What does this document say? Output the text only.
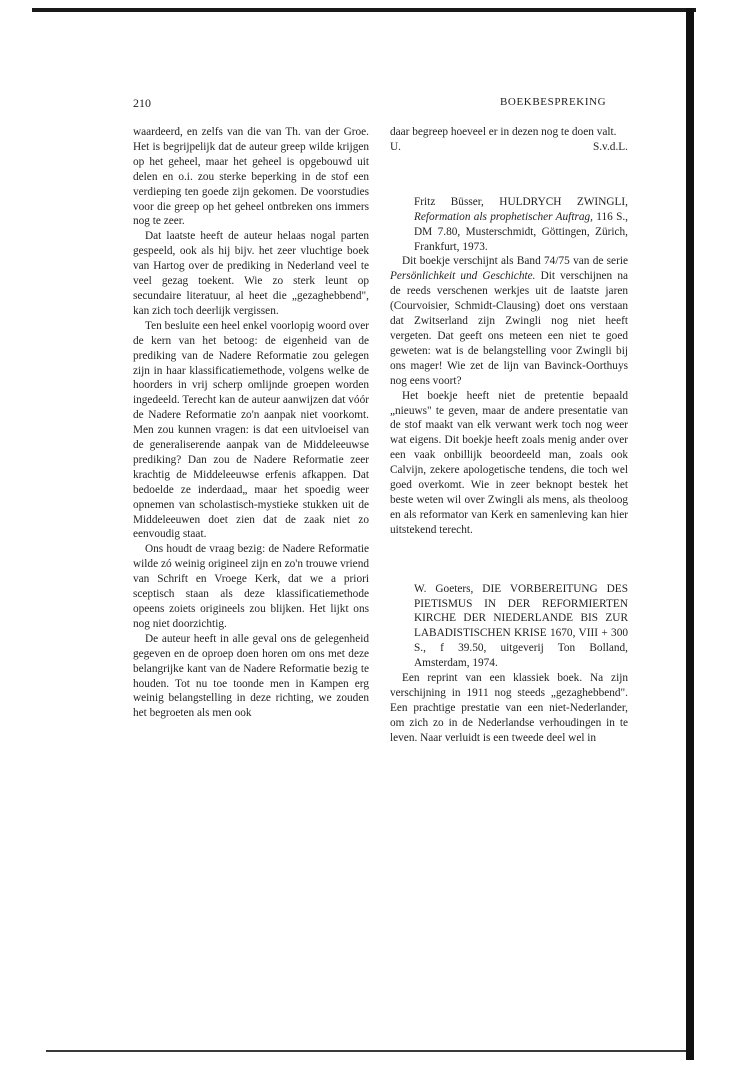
210	BOEKBESPREKING

waardeerd, en zelfs van die van Th. van der Groe. Het is begrijpelijk dat de auteur greep wilde krijgen op het geheel, maar het geheel is opgebouwd uit delen en o.i. zou sterke beperking in de stof een verdieping ten goede zijn gekomen. De voorstudies voor die greep op het geheel ontbreken ons immers nog te zeer.

Dat laatste heeft de auteur helaas nogal parten gespeeld, ook als hij bijv. het zeer vluchtige boek van Hartog over de prediking in Nederland veel te veel gezag toekent. Wie zo sterk leunt op secundaire literatuur, al heet die „gezaghebbend", kan zich toch deerlijk vergissen.

Ten besluite een heel enkel voorlopig woord over de kern van het betoog: de eigenheid van de prediking van de Nadere Reformatie zou gelegen zijn in haar klassificatiemethode, volgens welke de hoorders in vrij scherp omlijnde groepen worden ingedeeld. Terecht kan de auteur aanwijzen dat vóór de Nadere Reformatie zo'n aanpak niet voorkomt. Men zou kunnen vragen: is dat een uitvloeisel van de generaliserende aanpak van de Middeleeuwse prediking? Dan zou de Nadere Reformatie zeer krachtig de Middeleeuwse erfenis afkappen. Dat bedoelde ze inderdaad„ maar het spoedig weer opnemen van scholastisch-mystieke stukken uit de Middeleeuwen doet zien dat de zaak niet zo eenvoudig staat.

Ons houdt de vraag bezig: de Nadere Reformatie wilde zó weinig origineel zijn en zo'n trouwe vriend van Schrift en Vroege Kerk, dat we a priori sceptisch staan als deze klassificatiemethode opeens zoiets origineels zou blijken. Het lijkt ons nog niet doorzichtig.

De auteur heeft in alle geval ons de gelegenheid gegeven en de oproep doen horen om ons met deze belangrijke kant van de Nadere Reformatie bezig te houden. Tot nu toe toonde men in Kampen erg weinig belangstelling in deze richting, we zouden het begroeten als men ook

daar begreep hoeveel er in dezen nog te doen valt.

U.	S.v.d.L.

Fritz Büsser, HULDRYCH ZWINGLI, Reformation als prophetischer Auftrag, 116 S., DM 7.80, Musterschmidt, Göttingen, Zürich, Frankfurt, 1973.

Dit boekje verschijnt als Band 74/75 van de serie Persönlichkeit und Geschichte. Dit verschijnen na de reeds verschenen werkjes uit de laatste jaren (Courvoisier, Schmidt-Clausing) doet ons verstaan dat Zwitserland zijn Zwingli nog niet heeft vergeten. Dat geeft ons meteen een niet te goed geweten: wat is de belangstelling voor Zwingli bij ons mager! Wie zet de lijn van Bavinck-Oorthuys nog eens voort?

Het boekje heeft niet de pretentie bepaald „nieuws" te geven, maar de andere presentatie van de stof maakt van elk verwant werk toch nog weer wat eigens. Dit boekje heeft zoals menig ander over een vaak onbillijk beoordeeld man, zoals ook Calvijn, zekere apologetische tendens, die toch wel goed overkomt. Wie in zeer beknopt bestek het beste weten wil over Zwingli als mens, als theoloog en als reformator van Kerk en samenleving kan hier uitstekend terecht.

W. Goeters, DIE VORBEREITUNG DES PIETISMUS IN DER REFORMIERTEN KIRCHE DER NIEDERLANDE BIS ZUR LABADISTISCHEN KRISE 1670, VIII + 300 S., f 39.50, uitgeverij Ton Bolland, Amsterdam, 1974.

Een reprint van een klassiek boek. Na zijn verschijning in 1911 nog steeds „gezaghebbend". Een prachtige prestatie van een niet-Nederlander, om zich zo in de Nederlandse verhoudingen in te leven. Naar verluidt is een tweede deel wel in
